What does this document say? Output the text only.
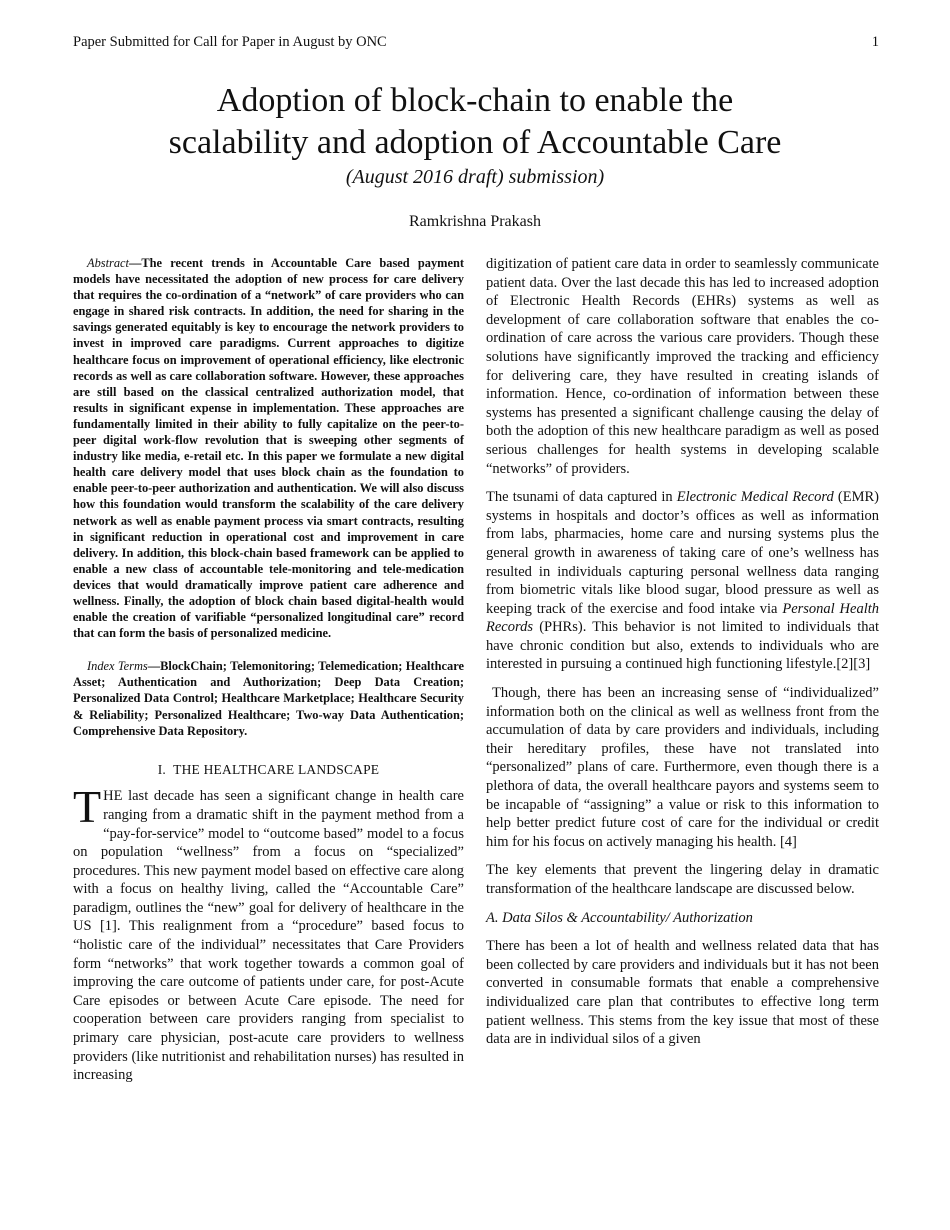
Paper Submitted for Call for Paper in August by ONC	1
Adoption of block-chain to enable the
scalability and adoption of Accountable Care
(August 2016 draft) submission)
Ramkrishna Prakash

Abstract—The recent trends in Accountable Care based payment models have necessitated the adoption of new process for care delivery that requires the co-ordination of a “network” of care providers who can engage in shared risk contracts. In addition, the need for sharing in the savings generated equitably is key to encourage the network providers to invest in improved care paradigms. Current approaches to digitize healthcare focus on improvement of operational efficiency, like electronic records as well as care collaboration software. However, these approaches are still based on the classical centralized authorization model, that results in significant expense in implementation. These approaches are fundamentally limited in their ability to fully capitalize on the peer-to-peer digital work-flow revolution that is sweeping other segments of industry like media, e-retail etc. In this paper we formulate a new digital health care delivery model that uses block chain as the foundation to enable peer-to-peer authorization and authentication. We will also discuss how this foundation would transform the scalability of the care delivery network as well as enable payment process via smart contracts, resulting in significant reduction in operational cost and improvement in care delivery. In addition, this block-chain based framework can be applied to enable a new class of accountable tele-monitoring and tele-medication devices that would dramatically improve patient care adherence and wellness. Finally, the adoption of block chain based digital-health would enable the creation of varifiable “personalized longitudinal care” record that can form the basis of personalized medicine.

Index Terms—BlockChain; Telemonitoring; Telemedication; Healthcare Asset; Authentication and Authorization; Deep Data Creation; Personalized Data Control; Healthcare Marketplace; Healthcare Security & Reliability; Personalized Healthcare; Two-way Data Authentication; Comprehensive Data Repository.

I. THE HEALTHCARE LANDSCAPE

THE last decade has seen a significant change in health care ranging from a dramatic shift in the payment method from a “pay-for-service” model to “outcome based” model to a focus on population “wellness” from a focus on “specialized” procedures. This new payment model based on effective care along with a focus on healthy living, called the “Accountable Care” paradigm, outlines the “new” goal for delivery of healthcare in the US [1]. This realignment from a “procedure” based focus to “holistic care of the individual” necessitates that Care Providers form “networks” that work together towards a common goal of improving the care outcome of patients under care, for post-Acute Care episodes or between Acute Care episode. The need for cooperation between care providers ranging from specialist to primary care physician, post-acute care providers to wellness providers (like nutritionist and rehabilitation nurses) has resulted in increasing

digitization of patient care data in order to seamlessly communicate patient data. Over the last decade this has led to increased adoption of Electronic Health Records (EHRs) systems as well as development of care collaboration software that enables the co-ordination of care across the various care providers. Though these solutions have significantly improved the tracking and efficiency for delivering care, they have resulted in creating islands of information. Hence, co-ordination of information between these systems has presented a significant challenge causing the delay of both the adoption of this new healthcare paradigm as well as posed serious challenges for health systems in developing scalable “networks” of providers.

The tsunami of data captured in Electronic Medical Record (EMR) systems in hospitals and doctor’s offices as well as information from labs, pharmacies, home care and nursing systems plus the general growth in awareness of taking care of one’s wellness has resulted in individuals capturing personal wellness data ranging from biometric vitals like blood sugar, blood pressure as well as keeping track of the exercise and food intake via Personal Health Records (PHRs). This behavior is not limited to individuals that have chronic condition but also, extends to individuals who are interested in pursuing a continued high functioning lifestyle.[2][3]

Though, there has been an increasing sense of “individualized” information both on the clinical as well as wellness front from the accumulation of data by care providers and individuals, including their hereditary profiles, these have not translated into “personalized” plans of care. Furthermore, even though there is a plethora of data, the overall healthcare payors and systems seem to be incapable of “assigning” a value or risk to this information to help better predict future cost of care for the individual or credit him for his focus on actively managing his health. [4]

The key elements that prevent the lingering delay in dramatic transformation of the healthcare landscape are discussed below.

A. Data Silos & Accountability/ Authorization

There has been a lot of health and wellness related data that has been collected by care providers and individuals but it has not been converted in consumable formats that enable a comprehensive individualized care plan that contributes to effective long term patient wellness. This stems from the key issue that most of these data are in individual silos of a given
